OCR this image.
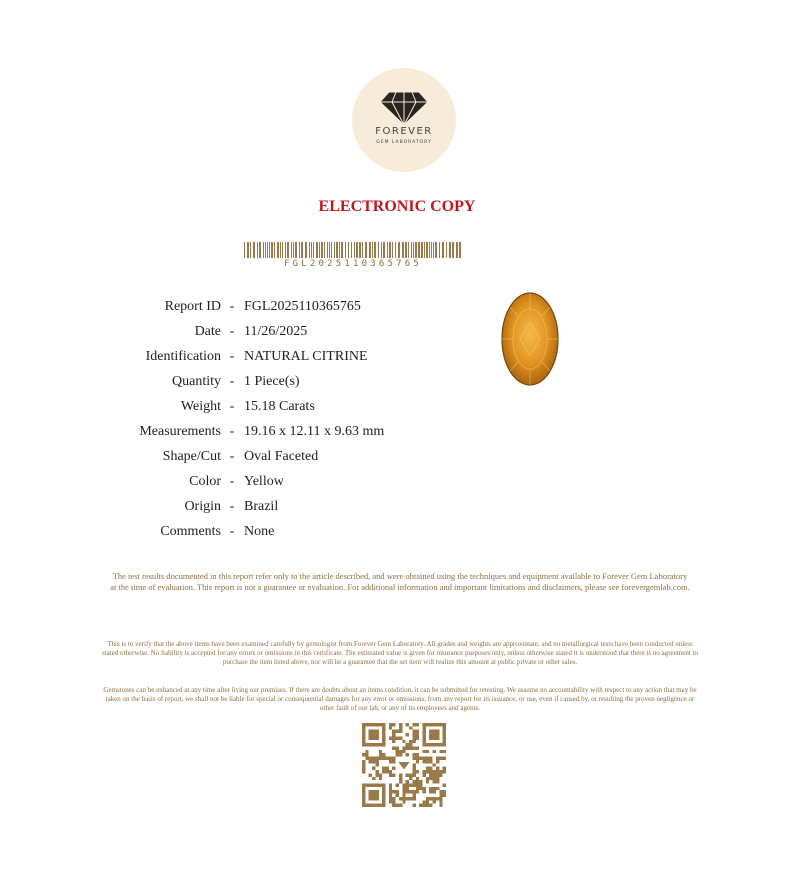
FOREVER
GEM LABORATORY
ELECTRONIC COPY
FGL2025110365765
Report ID - FGL2025110365765
Date - 11/26/2025
Identification - NATURAL CITRINE
Quantity - 1 Piece(s)
Weight - 15.18 Carats
Measurements - 19.16 x 12.11 x 9.63 mm
Shape/Cut - Oval Faceted
Color - Yellow
Origin - Brazil
Comments - None
The test results documented in this report refer only to the article described, and were obtained using the techniques and equipment available to Forever Gem Laboratory at the time of evaluation. This report is not a guarantee or evaluation. For additional information and important limitations and disclaimers, please see forevergemlab.com.
This is to verify that the above items have been examined carefully by gemologist from Forever Gem Laboratory. All grades and weights are approximate, and no metallurgical tests have been conducted unless stated otherwise. No liability is accepted for any errors or omissions in this certificate. The estimated value is given for insurance purposes only, unless otherwise stated it is understood that there is no agreement to purchase the item listed above, nor will be a guarantee that the set item will realize this amount at public private or other sales.
Gemstones can be enhanced at any time after living our premises. If there are doubts about an items condition, it can be submitted for retesting. We assume no accountability with respect to any action that may be taken on the basis of report, we shall not be liable for special or consequential damages for any error or omissions, from any report for its issuance, or use, even if caused by, or resulting the proven negligence or other fault of our lab, or any of its employees and agents.
